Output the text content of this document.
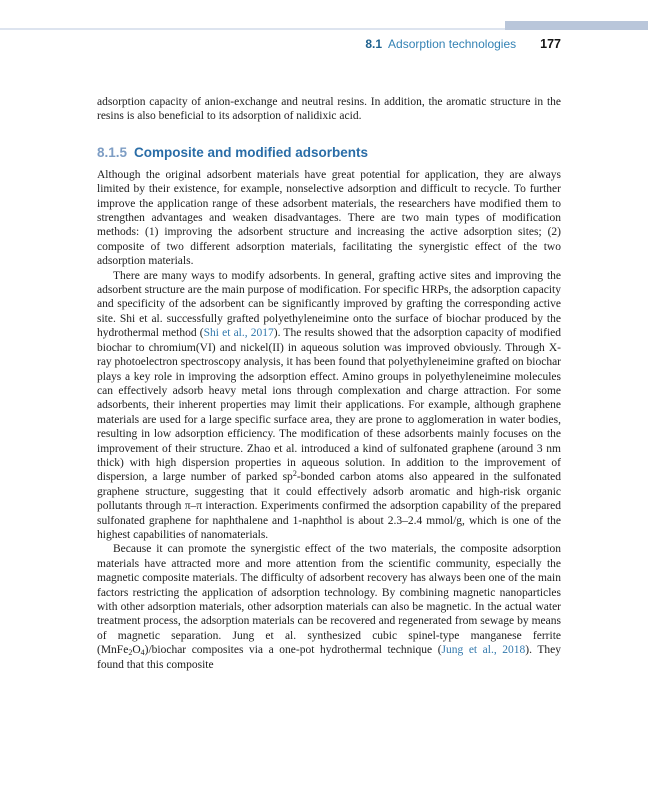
8.1 Adsorption technologies 177

adsorption capacity of anion-exchange and neutral resins. In addition, the aromatic structure in the resins is also beneficial to its adsorption of nalidixic acid.

8.1.5 Composite and modified adsorbents

Although the original adsorbent materials have great potential for application, they are always limited by their existence, for example, nonselective adsorption and difficult to recycle. To further improve the application range of these adsorbent materials, the researchers have modified them to strengthen advantages and weaken disadvantages. There are two main types of modification methods: (1) improving the adsorbent structure and increasing the active adsorption sites; (2) composite of two different adsorption materials, facilitating the synergistic effect of the two adsorption materials.

There are many ways to modify adsorbents. In general, grafting active sites and improving the adsorbent structure are the main purpose of modification. For specific HRPs, the adsorption capacity and specificity of the adsorbent can be significantly improved by grafting the corresponding active site. Shi et al. successfully grafted polyethyleneimine onto the surface of biochar produced by the hydrothermal method (Shi et al., 2017). The results showed that the adsorption capacity of modified biochar to chromium(VI) and nickel(II) in aqueous solution was improved obviously. Through X-ray photoelectron spectroscopy analysis, it has been found that polyethyleneimine grafted on biochar plays a key role in improving the adsorption effect. Amino groups in polyethyleneimine molecules can effectively adsorb heavy metal ions through complexation and charge attraction. For some adsorbents, their inherent properties may limit their applications. For example, although graphene materials are used for a large specific surface area, they are prone to agglomeration in water bodies, resulting in low adsorption efficiency. The modification of these adsorbents mainly focuses on the improvement of their structure. Zhao et al. introduced a kind of sulfonated graphene (around 3 nm thick) with high dispersion properties in aqueous solution. In addition to the improvement of dispersion, a large number of parked $sp^2$-bonded carbon atoms also appeared in the sulfonated graphene structure, suggesting that it could effectively adsorb aromatic and high-risk organic pollutants through π–π interaction. Experiments confirmed the adsorption capability of the prepared sulfonated graphene for naphthalene and 1-naphthol is about 2.3–2.4 mmol/g, which is one of the highest capabilities of nanomaterials.

Because it can promote the synergistic effect of the two materials, the composite adsorption materials have attracted more and more attention from the scientific community, especially the magnetic composite materials. The difficulty of adsorbent recovery has always been one of the main factors restricting the application of adsorption technology. By combining magnetic nanoparticles with other adsorption materials, other adsorption materials can also be magnetic. In the actual water treatment process, the adsorption materials can be recovered and regenerated from sewage by means of magnetic separation. Jung et al. synthesized cubic spinel-type manganese ferrite $(MnFe_2O_4)$/biochar composites via a one-pot hydrothermal technique (Jung et al., 2018). They found that this composite
